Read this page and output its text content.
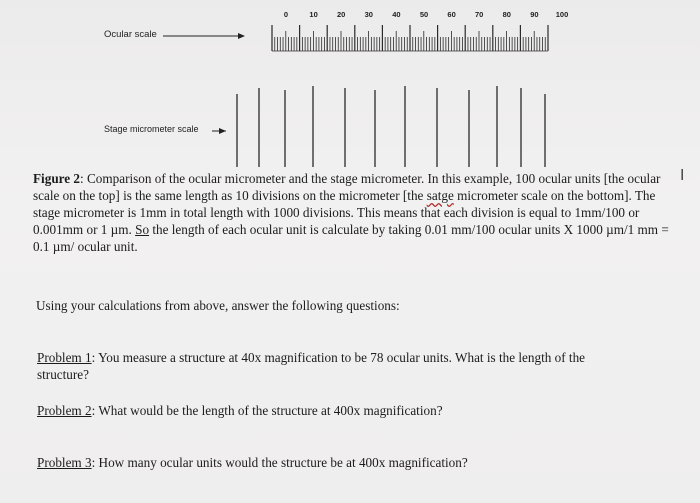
0	10	20	30	40	50	60	70	80	90 100
Ocular scale
Stage micrometer scale
Figure 2: Comparison of the ocular micrometer and the stage micrometer. In this example, 100 ocular units [the ocular scale on the top] is the same length as 10 divisions on the micrometer [the satge micrometer scale on the bottom]. The stage micrometer is 1mm in total length with 1000 divisions. This means that each division is equal to 1mm/100 or 0.001mm or 1 µm. So the length of each ocular unit is calculate by taking 0.01 mm/100 ocular units X 1000 µm/1 mm = 0.1 µm/ ocular unit.
Using your calculations from above, answer the following questions:
Problem 1: You measure a structure at 40x magnification to be 78 ocular units. What is the length of the structure?
Problem 2: What would be the length of the structure at 400x magnification?
Problem 3: How many ocular units would the structure be at 400x magnification?
I
